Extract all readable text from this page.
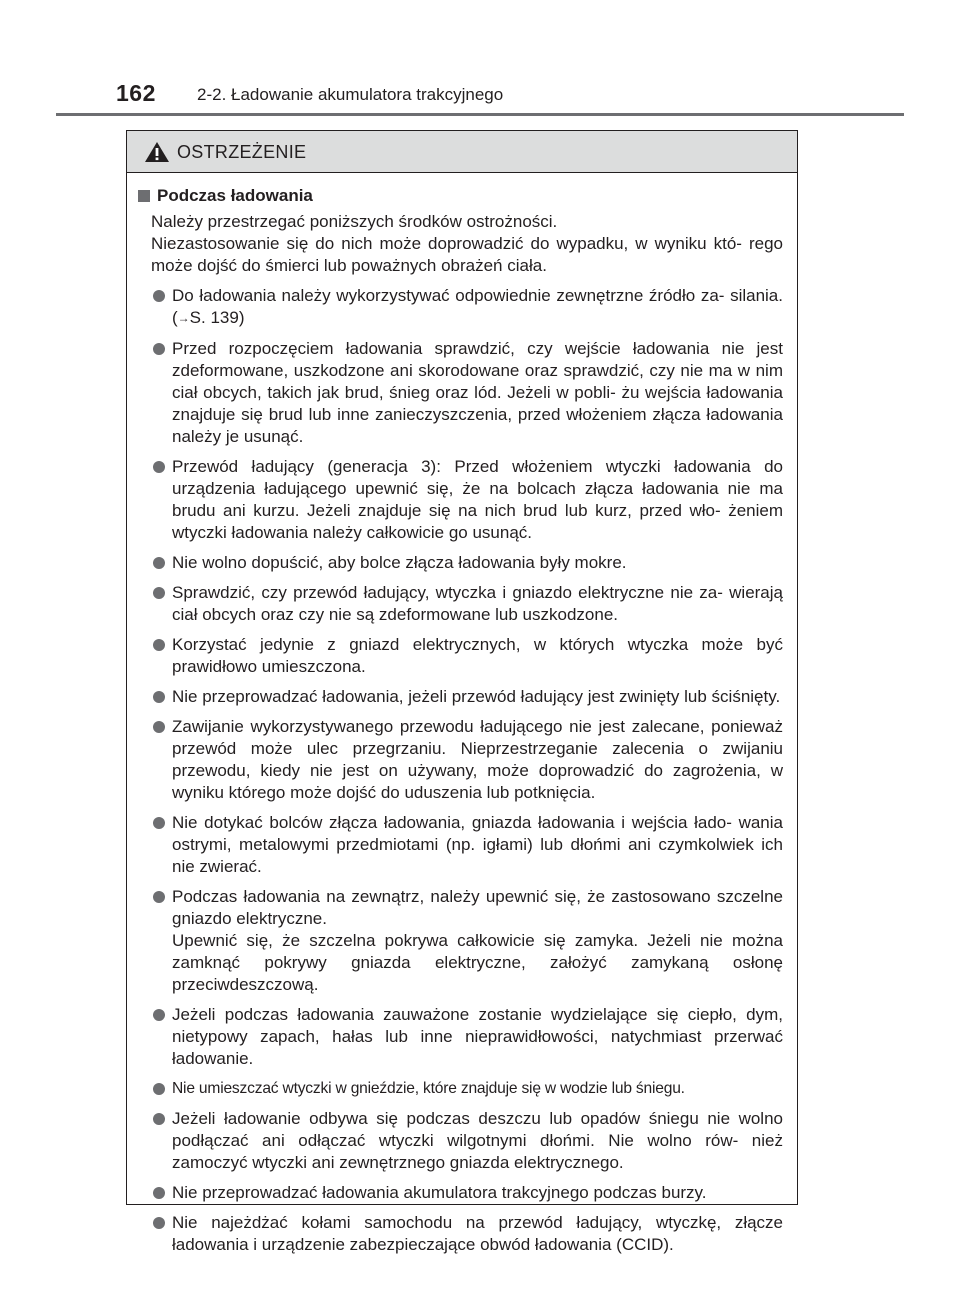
162 2-2. Ładowanie akumulatora trakcyjnego
OSTRZEŻENIE
Podczas ładowania

Należy przestrzegać poniższych środków ostrożności.

Niezastosowanie się do nich może doprowadzić do wypadku, w wyniku któ- rego może dojść do śmierci lub poważnych obrażeń ciała.

Do ładowania należy wykorzystywać odpowiednie zewnętrzne źródło za- silania. (→S. 139)
Przed rozpoczęciem ładowania sprawdzić, czy wejście ładowania nie jest zdeformowane, uszkodzone ani skorodowane oraz sprawdzić, czy nie ma w nim ciał obcych, takich jak brud, śnieg oraz lód. Jeżeli w pobli- żu wejścia ładowania znajduje się brud lub inne zanieczyszczenia, przed włożeniem złącza ładowania należy je usunąć.
Przewód ładujący (generacja 3): Przed włożeniem wtyczki ładowania do urządzenia ładującego upewnić się, że na bolcach złącza ładowania nie ma brudu ani kurzu. Jeżeli znajduje się na nich brud lub kurz, przed wło- żeniem wtyczki ładowania należy całkowicie go usunąć.
Nie wolno dopuścić, aby bolce złącza ładowania były mokre.
Sprawdzić, czy przewód ładujący, wtyczka i gniazdo elektryczne nie za- wierają ciał obcych oraz czy nie są zdeformowane lub uszkodzone.
Korzystać jedynie z gniazd elektrycznych, w których wtyczka może być prawidłowo umieszczona.
Nie przeprowadzać ładowania, jeżeli przewód ładujący jest zwinięty lub ściśnięty.
Zawijanie wykorzystywanego przewodu ładującego nie jest zalecane, ponieważ przewód może ulec przegrzaniu. Nieprzestrzeganie zalecenia o zwijaniu przewodu, kiedy nie jest on używany, może doprowadzić do zagrożenia, w wyniku którego może dojść do uduszenia lub potknięcia.
Nie dotykać bolców złącza ładowania, gniazda ładowania i wejścia łado- wania ostrymi, metalowymi przedmiotami (np. igłami) lub dłońmi ani czymkolwiek ich nie zwierać.

Podczas ładowania na zewnątrz, należy upewnić się, że zastosowano szczelne gniazdo elektryczne.

Upewnić się, że szczelna pokrywa całkowicie się zamyka. Jeżeli nie można zamknąć pokrywy gniazda elektryczne, założyć zamykaną osłonę przeciwdeszczową.

Jeżeli podczas ładowania zauważone zostanie wydzielające się ciepło, dym, nietypowy zapach, hałas lub inne nieprawidłowości, natychmiast przerwać ładowanie.
Nie umieszczać wtyczki w gnieździe, które znajduje się w wodzie lub śniegu.
Jeżeli ładowanie odbywa się podczas deszczu lub opadów śniegu nie wolno podłączać ani odłączać wtyczki wilgotnymi dłońmi. Nie wolno rów- nież zamoczyć wtyczki ani zewnętrznego gniazda elektrycznego.
Nie przeprowadzać ładowania akumulatora trakcyjnego podczas burzy.
Nie najeżdżać kołami samochodu na przewód ładujący, wtyczkę, złącze ładowania i urządzenie zabezpieczające obwód ładowania (CCID).
